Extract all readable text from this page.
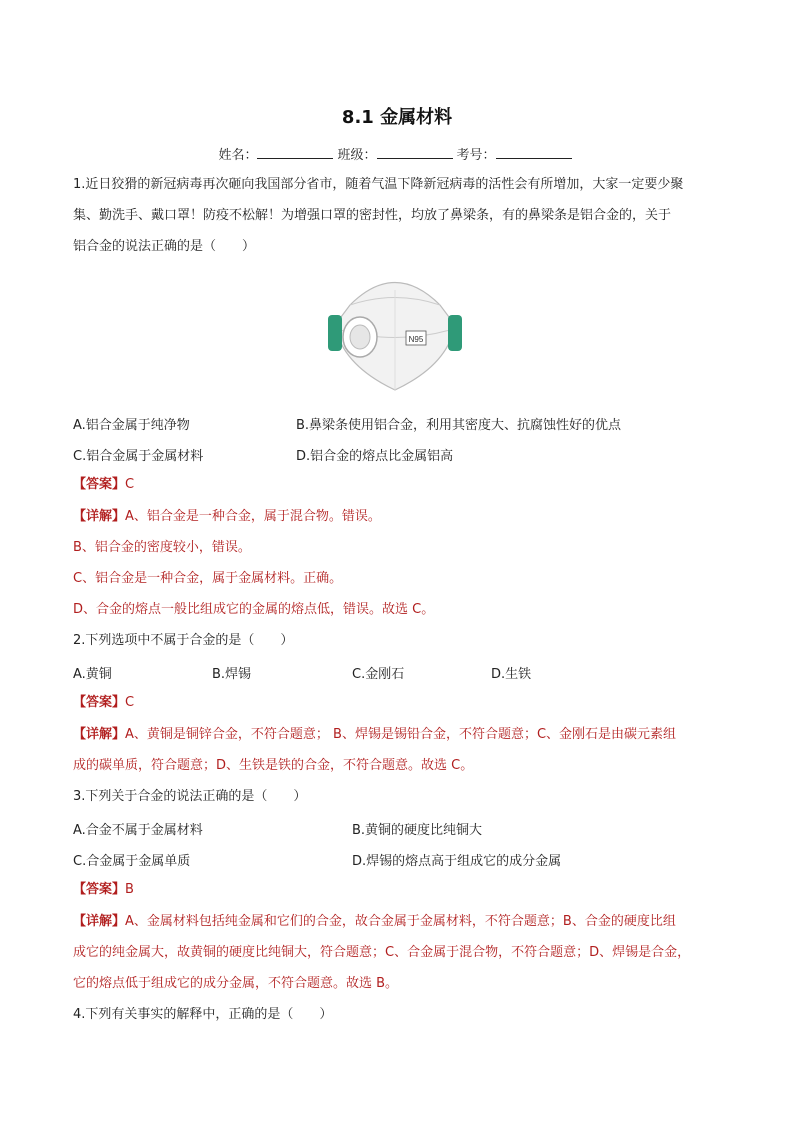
8.1 金属材料
姓名：	班级：	考号：
1.近日狡猾的新冠病毒再次砸向我国部分省市，随着气温下降新冠病毒的活性会有所增加，大家一定要少聚
集、勤洗手、戴口罩！防疫不松解！为增强口罩的密封性，均放了鼻梁条，有的鼻梁条是铝合金的，关于
铝合金的说法正确的是（　　）
N95
A.铝合金属于纯净物	B.鼻梁条使用铝合金，利用其密度大、抗腐蚀性好的优点
C.铝合金属于金属材料	D.铝合金的熔点比金属铝高
【答案】C
【详解】A、铝合金是一种合金，属于混合物。错误。
B、铝合金的密度较小，错误。
C、铝合金是一种合金，属于金属材料。正确。
D、合金的熔点一般比组成它的金属的熔点低，错误。故选 C。
2.下列选项中不属于合金的是（　　）
A.黄铜	B.焊锡	C.金刚石	D.生铁
【答案】C
【详解】A、黄铜是铜锌合金，不符合题意； B、焊锡是锡铅合金，不符合题意；C、金刚石是由碳元素组
成的碳单质，符合题意；D、生铁是铁的合金，不符合题意。故选 C。
3.下列关于合金的说法正确的是（　　）
A.合金不属于金属材料	B.黄铜的硬度比纯铜大
C.合金属于金属单质	D.焊锡的熔点高于组成它的成分金属
【答案】B
【详解】A、金属材料包括纯金属和它们的合金，故合金属于金属材料，不符合题意；B、合金的硬度比组
成它的纯金属大，故黄铜的硬度比纯铜大，符合题意；C、合金属于混合物，不符合题意；D、焊锡是合金，
它的熔点低于组成它的成分金属，不符合题意。故选 B。
4.下列有关事实的解释中，正确的是（　　）
